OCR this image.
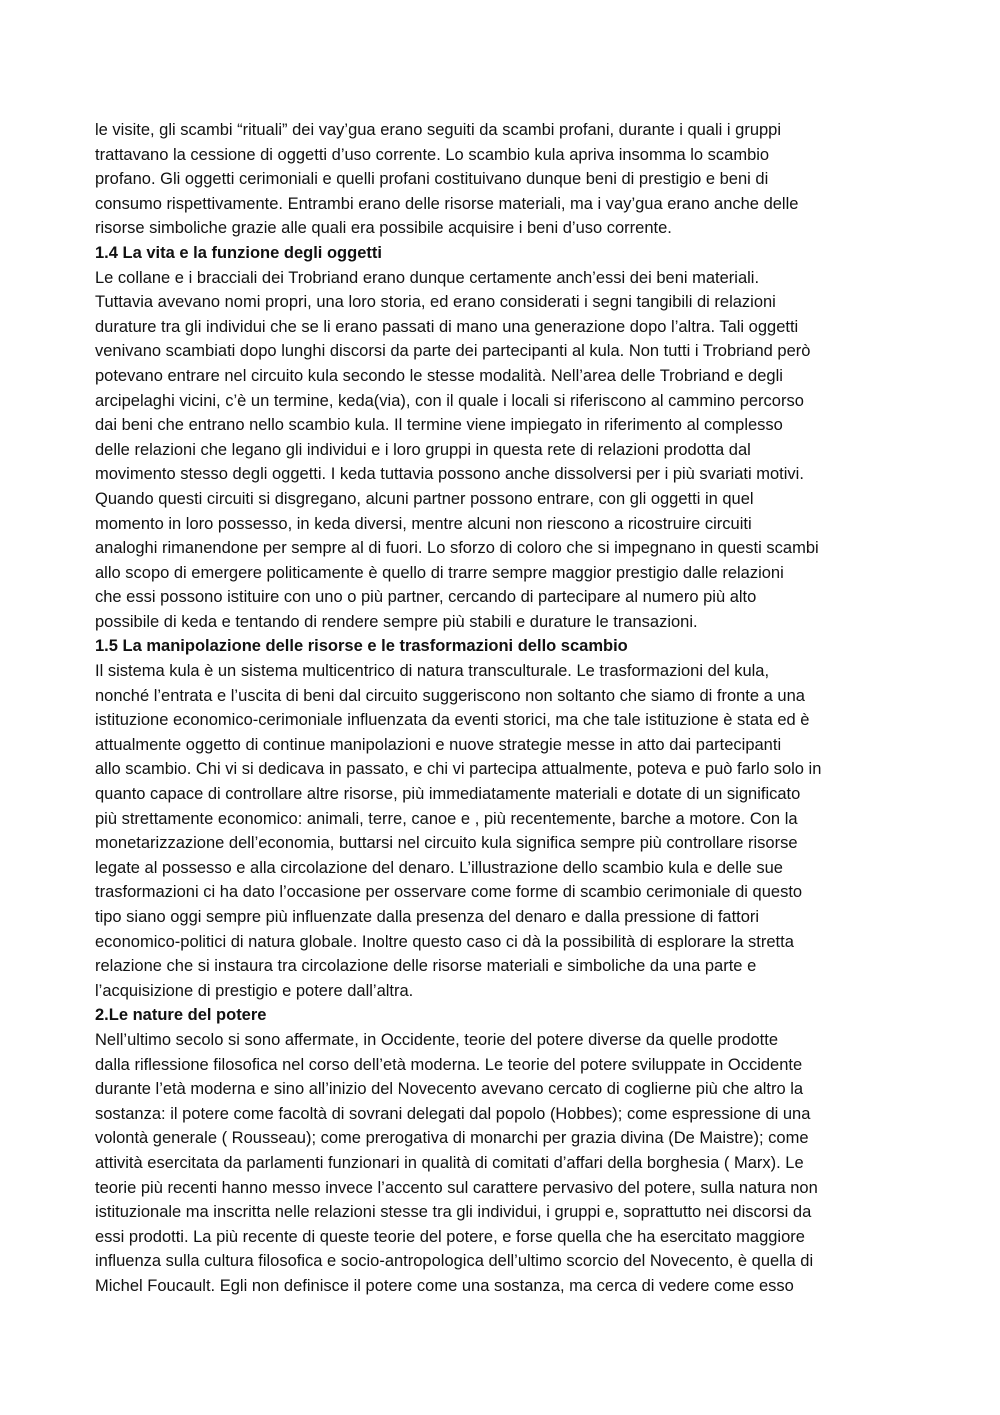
le visite, gli scambi “rituali” dei vay’gua erano seguiti da scambi profani, durante i quali i gruppi
trattavano la cessione di oggetti d’uso corrente. Lo scambio kula apriva insomma lo scambio
profano. Gli oggetti cerimoniali e quelli profani costituivano dunque beni di prestigio e beni di
consumo rispettivamente. Entrambi erano delle risorse materiali, ma i vay’gua erano anche delle
risorse simboliche grazie alle quali era possibile acquisire i beni d’uso corrente.

1.4 La vita e la funzione degli oggetti

Le collane e i bracciali dei Trobriand erano dunque certamente anch’essi dei beni materiali.
Tuttavia avevano nomi propri, una loro storia, ed erano considerati i segni tangibili di relazioni
durature tra gli individui che se li erano passati di mano una generazione dopo l’altra. Tali oggetti
venivano scambiati dopo lunghi discorsi da parte dei partecipanti al kula. Non tutti i Trobriand però
potevano entrare nel circuito kula secondo le stesse modalità. Nell’area delle Trobriand e degli
arcipelaghi vicini, c’è un termine, keda(via), con il quale i locali si riferiscono al cammino percorso
dai beni che entrano nello scambio kula. Il termine viene impiegato in riferimento al complesso
delle relazioni che legano gli individui e i loro gruppi in questa rete di relazioni prodotta dal
movimento stesso degli oggetti. I keda tuttavia possono anche dissolversi per i più svariati motivi.
Quando questi circuiti si disgregano, alcuni partner possono entrare, con gli oggetti in quel
momento in loro possesso, in keda diversi, mentre alcuni non riescono a ricostruire circuiti
analoghi rimanendone per sempre al di fuori. Lo sforzo di coloro che si impegnano in questi scambi
allo scopo di emergere politicamente è quello di trarre sempre maggior prestigio dalle relazioni
che essi possono istituire con uno o più partner, cercando di partecipare al numero più alto
possibile di keda e tentando di rendere sempre più stabili e durature le transazioni.

1.5 La manipolazione delle risorse e le trasformazioni dello scambio

Il sistema kula è un sistema multicentrico di natura transculturale. Le trasformazioni del kula,
nonché l’entrata e l’uscita di beni dal circuito suggeriscono non soltanto che siamo di fronte a una
istituzione economico-cerimoniale influenzata da eventi storici, ma che tale istituzione è stata ed è
attualmente oggetto di continue manipolazioni e nuove strategie messe in atto dai partecipanti
allo scambio. Chi vi si dedicava in passato, e chi vi partecipa attualmente, poteva e può farlo solo in
quanto capace di controllare altre risorse, più immediatamente materiali e dotate di un significato
più strettamente economico: animali, terre, canoe e , più recentemente, barche a motore. Con la
monetarizzazione dell’economia, buttarsi nel circuito kula significa sempre più controllare risorse
legate al possesso e alla circolazione del denaro. L’illustrazione dello scambio kula e delle sue
trasformazioni ci ha dato l’occasione per osservare come forme di scambio cerimoniale di questo
tipo siano oggi sempre più influenzate dalla presenza del denaro e dalla pressione di fattori
economico-politici di natura globale. Inoltre questo caso ci dà la possibilità di esplorare la stretta
relazione che si instaura tra circolazione delle risorse materiali e simboliche da una parte e
l’acquisizione di prestigio e potere dall’altra.

2.Le nature del potere

Nell’ultimo secolo si sono affermate, in Occidente, teorie del potere diverse da quelle prodotte
dalla riflessione filosofica nel corso dell’età moderna. Le teorie del potere sviluppate in Occidente
durante l’età moderna e sino all’inizio del Novecento avevano cercato di coglierne più che altro la
sostanza: il potere come facoltà di sovrani delegati dal popolo (Hobbes); come espressione di una
volontà generale ( Rousseau); come prerogativa di monarchi per grazia divina (De Maistre); come
attività esercitata da parlamenti funzionari in qualità di comitati d’affari della borghesia ( Marx). Le
teorie più recenti hanno messo invece l’accento sul carattere pervasivo del potere, sulla natura non
istituzionale ma inscritta nelle relazioni stesse tra gli individui, i gruppi e, soprattutto nei discorsi da
essi prodotti. La più recente di queste teorie del potere, e forse quella che ha esercitato maggiore
influenza sulla cultura filosofica e socio-antropologica dell’ultimo scorcio del Novecento, è quella di
Michel Foucault. Egli non definisce il potere come una sostanza, ma cerca di vedere come esso
